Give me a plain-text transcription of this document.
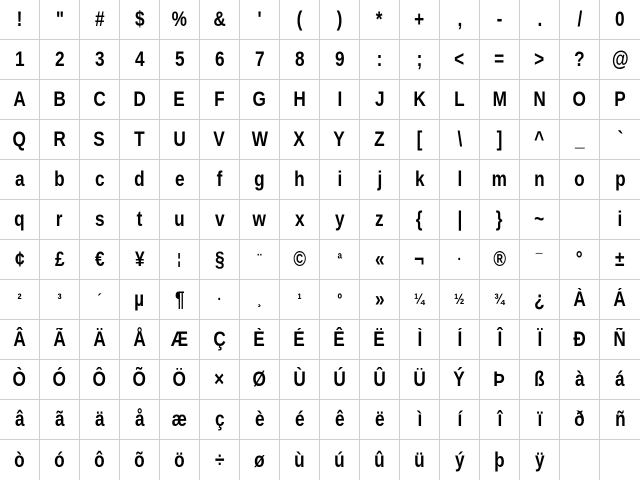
! " # $ % & ' ( ) * + , - . / 0
1 2 3 4 5 6 7 8 9 : ; < = > ? @
A B C D E F G H I J K L M N O P
Q R S T U V W X Y Z [ \ ] ^ _ `
a b c d e f g h i j k l m n o p
q r s t u v w x y z { | } ~	i
¢ £ € ¥ ¦ § ¨ © ª « ¬ · ® ¯ ° ±
² ³ ´ µ ¶ · ¸ ¹ º » ¼ ½ ¾ ¿ À Á
Â Ã Ä Å Æ Ç È É Ê Ë Ì Í Î Ï Ð Ñ
Ò Ó Ô Õ Ö × Ø Ù Ú Û Ü Ý Þ ß à á
â ã ä å æ ç è é ê ë ì í î ï ð ñ
ò ó ô õ ö ÷ ø ù ú û ü ý þ ÿ
